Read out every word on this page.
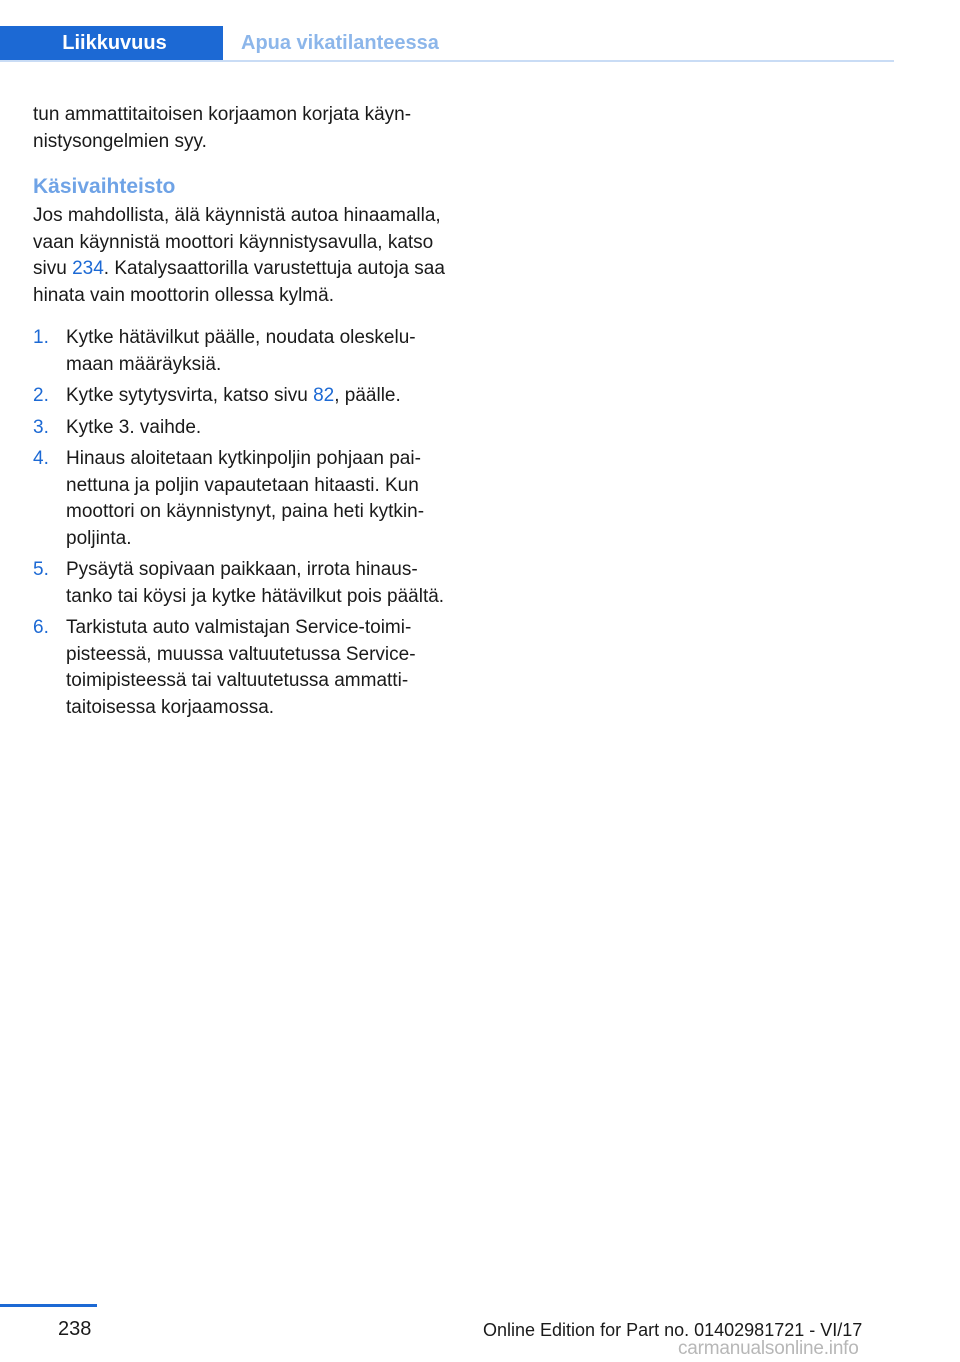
Liikkuvuus	Apua vikatilanteessa

tun ammattitaitoisen korjaamon korjata käynnistysongelmien syy.

Käsivaihteisto

Jos mahdollista, älä käynnistä autoa hinaamalla, vaan käynnistä moottori käynnistysavulla, katso sivu 234. Katalysaattorilla varustettuja autoja saa hinata vain moottorin ollessa kylmä.

1. Kytke hätävilkut päälle, noudata oleskelumaan määräyksiä.
2. Kytke sytytysvirta, katso sivu 82, päälle.
3. Kytke 3. vaihde.
4. Hinaus aloitetaan kytkinpoljin pohjaan painettuna ja poljin vapautetaan hitaasti. Kun moottori on käynnistynyt, paina heti kytkinpoljinta.
5. Pysäytä sopivaan paikkaan, irrota hinaustanko tai köysi ja kytke hätävilkut pois päältä.
6. Tarkistuta auto valmistajan Service-toimipisteessä, muussa valtuutetussa Service-toimipisteessä tai valtuutetussa ammattitaitoisessa korjaamossa.
238	Online Edition for Part no. 01402981721 - VI/17
carmanualsonline.info
